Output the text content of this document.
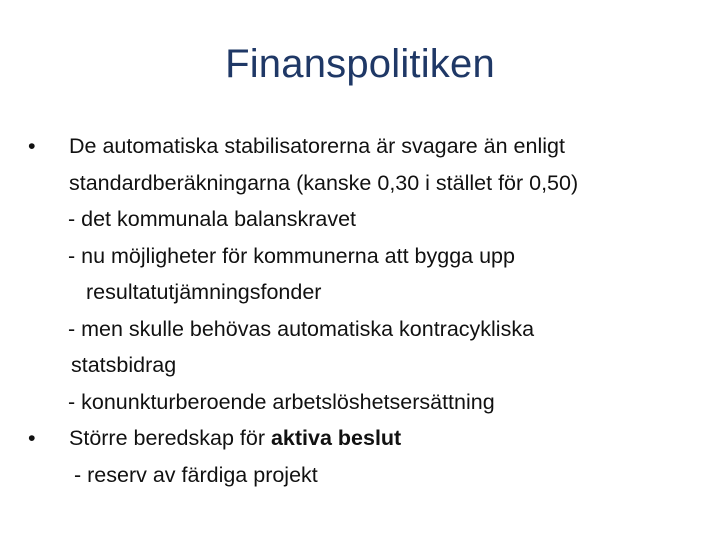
Finanspolitiken
• De automatiska stabilisatorerna är svagare än enligt
standardberäkningarna (kanske 0,30 i stället för 0,50)
- det kommunala balanskravet
- nu möjligheter för kommunerna att bygga upp
resultatutjämningsfonder
- men skulle behövas automatiska kontracykliska
statsbidrag
- konunkturberoende arbetslöshetsersättning
• Större beredskap för aktiva beslut
- reserv av färdiga projekt
